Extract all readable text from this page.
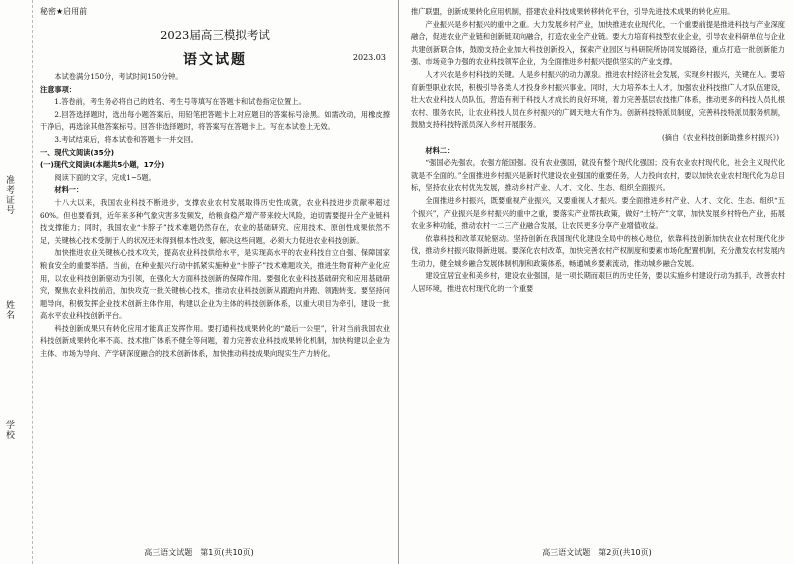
准考证号
姓名
学校
秘密★启用前
2023届高三模拟考试
语文试题	2023.03

本试卷满分150分，考试时间150分钟。

注意事项：

1.答卷前，考生务必将自己的姓名、考生号等填写在答题卡和试卷指定位置上。

2.回答选择题时，选出每小题答案后，用铅笔把答题卡上对应题目的答案标号涂黑。如需改动，用橡皮擦干净后，再选涂其他答案标号。回答非选择题时，将答案写在答题卡上。写在本试卷上无效。

3.考试结束后，将本试卷和答题卡一并交回。

一、现代文阅读(35分)

(一)现代文阅读Ⅰ(本题共5小题，17分)

阅读下面的文字，完成1~5题。

材料一：

十八大以来，我国农业科技不断进步，支撑农业农村发展取得历史性成就，农业科技进步贡献率超过60%。但也要看到，近年来多种气象灾害多发频发，给粮食稳产增产带来较大风险，迫切需要提升全产业链科技支撑能力；同时，我国农业“卡脖子”技术难题仍然存在，农业的基础研究、应用技术、原创性成果依然不足，关键核心技术受制于人的状况还未得到根本性改变，解决这些问题，必须大力促进农业科技创新。

加快推进农业关键核心技术攻关，提高农业科技供给水平，是实现高水平的农业科技自立自强、保障国家粮食安全的重要举措。当前，在种业振兴行动中抓紧实施种业“卡脖子”技术难题攻关，推进生物育种产业化应用，以农业科技创新驱动为引领，在强化大方面科技创新的保障作用。要强化农业科技基础研究和应用基础研究，聚焦农业科技前沿，加快攻克一批关键核心技术，推动农业科技创新从跟跑向并跑、领跑转变。要坚持问题导向，积极发挥企业技术创新主体作用，构建以企业为主体的科技创新体系，以重大项目为牵引，建设一批高水平农业科技创新平台。

科技创新成果只有转化应用才能真正发挥作用。要打通科技成果转化的“最后一公里”，针对当前我国农业科技创新成果转化率不高、技术推广体系不健全等问题，着力完善农业科技成果转化机制，加快构建以企业为主体、市场为导向、产学研深度融合的技术创新体系，加快推动科技成果向现实生产力转化。

高三语文试题　第1页(共10页)

推广联盟，创新成果转化应用机制，搭建农业科技成果转移转化平台，引导先进技术成果的转化应用。

产业振兴是乡村振兴的重中之重。大力发展乡村产业，加快推进农业现代化，一个重要前提是推进科技与产业深度融合，促进农业产业链和创新链双向融合，打造农业全产业链。要大力培育科技型农业企业，引导农业科研单位与企业共建创新联合体，鼓励支持企业加大科技创新投入，探索产业园区与科研院所协同发展路径，重点打造一批创新能力强、市场竞争力强的农业科技领军企业，为全面推进乡村振兴提供坚实的产业支撑。

人才兴农是乡村科技的关键。人是乡村振兴的动力源泉。推进农村经济社会发展，实现乡村振兴，关键在人。要培育新型职业农民，积极引导各类人才投身乡村振兴事业。同时，大力培养本土人才，加强农业科技推广人才队伍建设，壮大农业科技人员队伍，营造有利于科技人才成长的良好环境，着力完善基层农技推广体系，推动更多的科技人员扎根农村、服务农民，让农业科技人员在乡村振兴的广阔天地大有作为。创新科技特派员制度，完善科技特派员服务机制，鼓励支持科技特派员深入乡村开展服务。

(摘自《农业科技创新助推乡村振兴》)

材料二：

“强国必先强农，农强方能国强。没有农业强国，就没有整个现代化强国；没有农业农村现代化，社会主义现代化就是不全面的。”全面推进乡村振兴是新时代建设农业强国的重要任务，人力投向农村，要以加快农业农村现代化为总目标，坚持农业农村优先发展，推动乡村产业、人才、文化、生态、组织全面振兴。

全面推进乡村振兴，既要重视产业振兴，又要重视人才振兴。要全面推进乡村产业、人才、文化、生态、组织“五个振兴”，产业振兴是乡村振兴的重中之重，要落实产业帮扶政策，做好“土特产”文章，加快发展乡村特色产业，拓展农业多种功能，推动农村一二三产业融合发展，让农民更多分享产业增值收益。

依靠科技和改革双轮驱动。坚持创新在我国现代化建设全局中的核心地位，依靠科技创新加快农业农村现代化步伐，推动乡村振兴取得新进展。要深化农村改革，加快完善农村产权制度和要素市场化配置机制，充分激发农村发展内生动力，健全城乡融合发展体制机制和政策体系，畅通城乡要素流动，推动城乡融合发展。

建设宜居宜业和美乡村，建设农业强国，是一项长期而艰巨的历史任务，要以实施乡村建设行动为抓手，改善农村人居环境，推进农村现代化的一个重要

高三语文试题　第2页(共10页)
